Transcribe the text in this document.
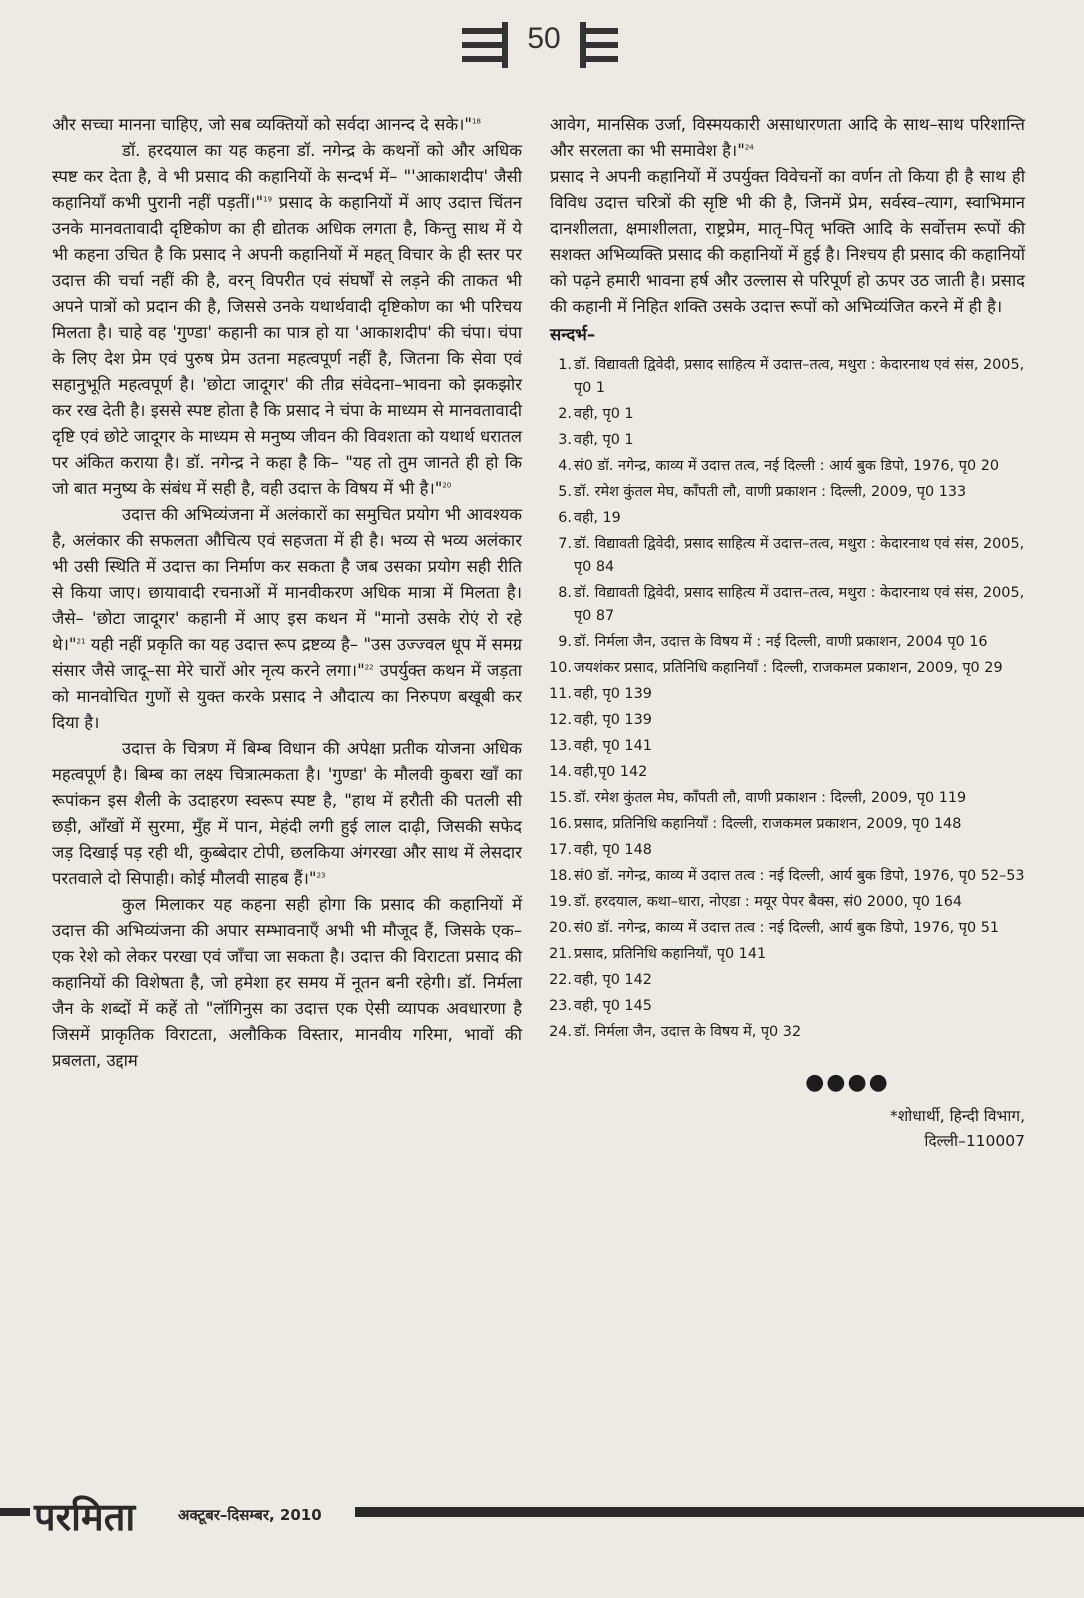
50

और सच्चा मानना चाहिए, जो सब व्यक्तियों को सर्वदा आनन्द दे सके।"$^{18}$

डॉ. हरदयाल का यह कहना डॉ. नगेन्द्र के कथनों को और अधिक स्पष्ट कर देता है, वे भी प्रसाद की कहानियों के सन्दर्भ में– "'आकाशदीप' जैसी कहानियाँ कभी पुरानी नहीं पड़तीं।"$^{19}$ प्रसाद के कहानियों में आए उदात्त चिंतन उनके मानवतावादी दृष्टिकोण का ही द्योतक अधिक लगता है, किन्तु साथ में ये भी कहना उचित है कि प्रसाद ने अपनी कहानियों में महत् विचार के ही स्तर पर उदात्त की चर्चा नहीं की है, वरन् विपरीत एवं संघर्षों से लड़ने की ताकत भी अपने पात्रों को प्रदान की है, जिससे उनके यथार्थवादी दृष्टिकोण का भी परिचय मिलता है। चाहे वह 'गुण्डा' कहानी का पात्र हो या 'आकाशदीप' की चंपा। चंपा के लिए देश प्रेम एवं पुरुष प्रेम उतना महत्वपूर्ण नहीं है, जितना कि सेवा एवं सहानुभूति महत्वपूर्ण है। 'छोटा जादूगर' की तीव्र संवेदना–भावना को झकझोर कर रख देती है। इससे स्पष्ट होता है कि प्रसाद ने चंपा के माध्यम से मानवतावादी दृष्टि एवं छोटे जादूगर के माध्यम से मनुष्य जीवन की विवशता को यथार्थ धरातल पर अंकित कराया है। डॉ. नगेन्द्र ने कहा है कि– "यह तो तुम जानते ही हो कि जो बात मनुष्य के संबंध में सही है, वही उदात्त के विषय में भी है।"$^{20}$

उदात्त की अभिव्यंजना में अलंकारों का समुचित प्रयोग भी आवश्यक है, अलंकार की सफलता औचित्य एवं सहजता में ही है। भव्य से भव्य अलंकार भी उसी स्थिति में उदात्त का निर्माण कर सकता है जब उसका प्रयोग सही रीति से किया जाए। छायावादी रचनाओं में मानवीकरण अधिक मात्रा में मिलता है। जैसे– 'छोटा जादूगर' कहानी में आए इस कथन में "मानो उसके रोएं रो रहे थे।"$^{21}$ यही नहीं प्रकृति का यह उदात्त रूप द्रष्टव्य है– "उस उज्ज्वल धूप में समग्र संसार जैसे जादू–सा मेरे चारों ओर नृत्य करने लगा।"$^{22}$ उपर्युक्त कथन में जड़ता को मानवोचित गुणों से युक्त करके प्रसाद ने औदात्य का निरुपण बखूबी कर दिया है।

उदात्त के चित्रण में बिम्ब विधान की अपेक्षा प्रतीक योजना अधिक महत्वपूर्ण है। बिम्ब का लक्ष्य चित्रात्मकता है। 'गुण्डा' के मौलवी कुबरा खाँ का रूपांकन इस शैली के उदाहरण स्वरूप स्पष्ट है, "हाथ में हरौती की पतली सी छड़ी, आँखों में सुरमा, मुँह में पान, मेहंदी लगी हुई लाल दाढ़ी, जिसकी सफेद जड़ दिखाई पड़ रही थी, कुब्बेदार टोपी, छलकिया अंगरखा और साथ में लेसदार परतवाले दो सिपाही। कोई मौलवी साहब हैं।"$^{23}$

कुल मिलाकर यह कहना सही होगा कि प्रसाद की कहानियों में उदात्त की अभिव्यंजना की अपार सम्भावनाएँ अभी भी मौजूद हैं, जिसके एक–एक रेशे को लेकर परखा एवं जाँचा जा सकता है। उदात्त की विराटता प्रसाद की कहानियों की विशेषता है, जो हमेशा हर समय में नूतन बनी रहेगी। डॉ. निर्मला जैन के शब्दों में कहें तो "लॉगिनुस का उदात्त एक ऐसी व्यापक अवधारणा है जिसमें प्राकृतिक विराटता, अलौकिक विस्तार, मानवीय गरिमा, भावों की प्रबलता, उद्दाम

आवेग, मानसिक उर्जा, विस्मयकारी असाधारणता आदि के साथ–साथ परिशान्ति और सरलता का भी समावेश है।"$^{24}$

प्रसाद ने अपनी कहानियों में उपर्युक्त विवेचनों का वर्णन तो किया ही है साथ ही विविध उदात्त चरित्रों की सृष्टि भी की है, जिनमें प्रेम, सर्वस्व–त्याग, स्वाभिमान दानशीलता, क्षमाशीलता, राष्ट्रप्रेम, मातृ–पितृ भक्ति आदि के सर्वोत्तम रूपों की सशक्त अभिव्यक्ति प्रसाद की कहानियों में हुई है। निश्चय ही प्रसाद की कहानियों को पढ़ने हमारी भावना हर्ष और उल्लास से परिपूर्ण हो ऊपर उठ जाती है। प्रसाद की कहानी में निहित शक्ति उसके उदात्त रूपों को अभिव्यंजित करने में ही है।

सन्दर्भ–
1. डॉ. विद्यावती द्विवेदी, प्रसाद साहित्य में उदात्त–तत्व, मथुरा : केदारनाथ एवं संस, 2005, पृ0 1
2. वही, पृ0 1
3. वही, पृ0 1
4. सं0 डॉ. नगेन्द्र, काव्य में उदात्त तत्व, नई दिल्ली : आर्य बुक डिपो, 1976, पृ0 20
5. डॉ. रमेश कुंतल मेघ, कॉंपती लौ, वाणी प्रकाशन : दिल्ली, 2009, पृ0 133
6. वही, 19
7. डॉ. विद्यावती द्विवेदी, प्रसाद साहित्य में उदात्त–तत्व, मथुरा : केदारनाथ एवं संस, 2005, पृ0 84
8. डॉ. विद्यावती द्विवेदी, प्रसाद साहित्य में उदात्त–तत्व, मथुरा : केदारनाथ एवं संस, 2005, पृ0 87
9. डॉ. निर्मला जैन, उदात्त के विषय में : नई दिल्ली, वाणी प्रकाशन, 2004 पृ0 16
10. जयशंकर प्रसाद, प्रतिनिधि कहानियाँ : दिल्ली, राजकमल प्रकाशन, 2009, पृ0 29
11. वही, पृ0 139
12. वही, पृ0 139
13. वही, पृ0 141
14. वही,पृ0 142
15. डॉ. रमेश कुंतल मेघ, कॉंपती लौ, वाणी प्रकाशन : दिल्ली, 2009, पृ0 119
16. प्रसाद, प्रतिनिधि कहानियाँ : दिल्ली, राजकमल प्रकाशन, 2009, पृ0 148
17. वही, पृ0 148
18. सं0 डॉ. नगेन्द्र, काव्य में उदात्त तत्व : नई दिल्ली, आर्य बुक डिपो, 1976, पृ0 52–53
19. डॉ. हरदयाल, कथा–धारा, नोएडा : मयूर पेपर बैक्स, सं0 2000, पृ0 164
20. सं0 डॉ. नगेन्द्र, काव्य में उदात्त तत्व : नई दिल्ली, आर्य बुक डिपो, 1976, पृ0 51
21. प्रसाद, प्रतिनिधि कहानियाँ, पृ0 141
22. वही, पृ0 142
23. वही, पृ0 145
24. डॉ. निर्मला जैन, उदात्त के विषय में, पृ0 32
●●●●
*शोधार्थी, हिन्दी विभाग,
दिल्ली–110007
परमिता	अक्टूबर–दिसम्बर, 2010
